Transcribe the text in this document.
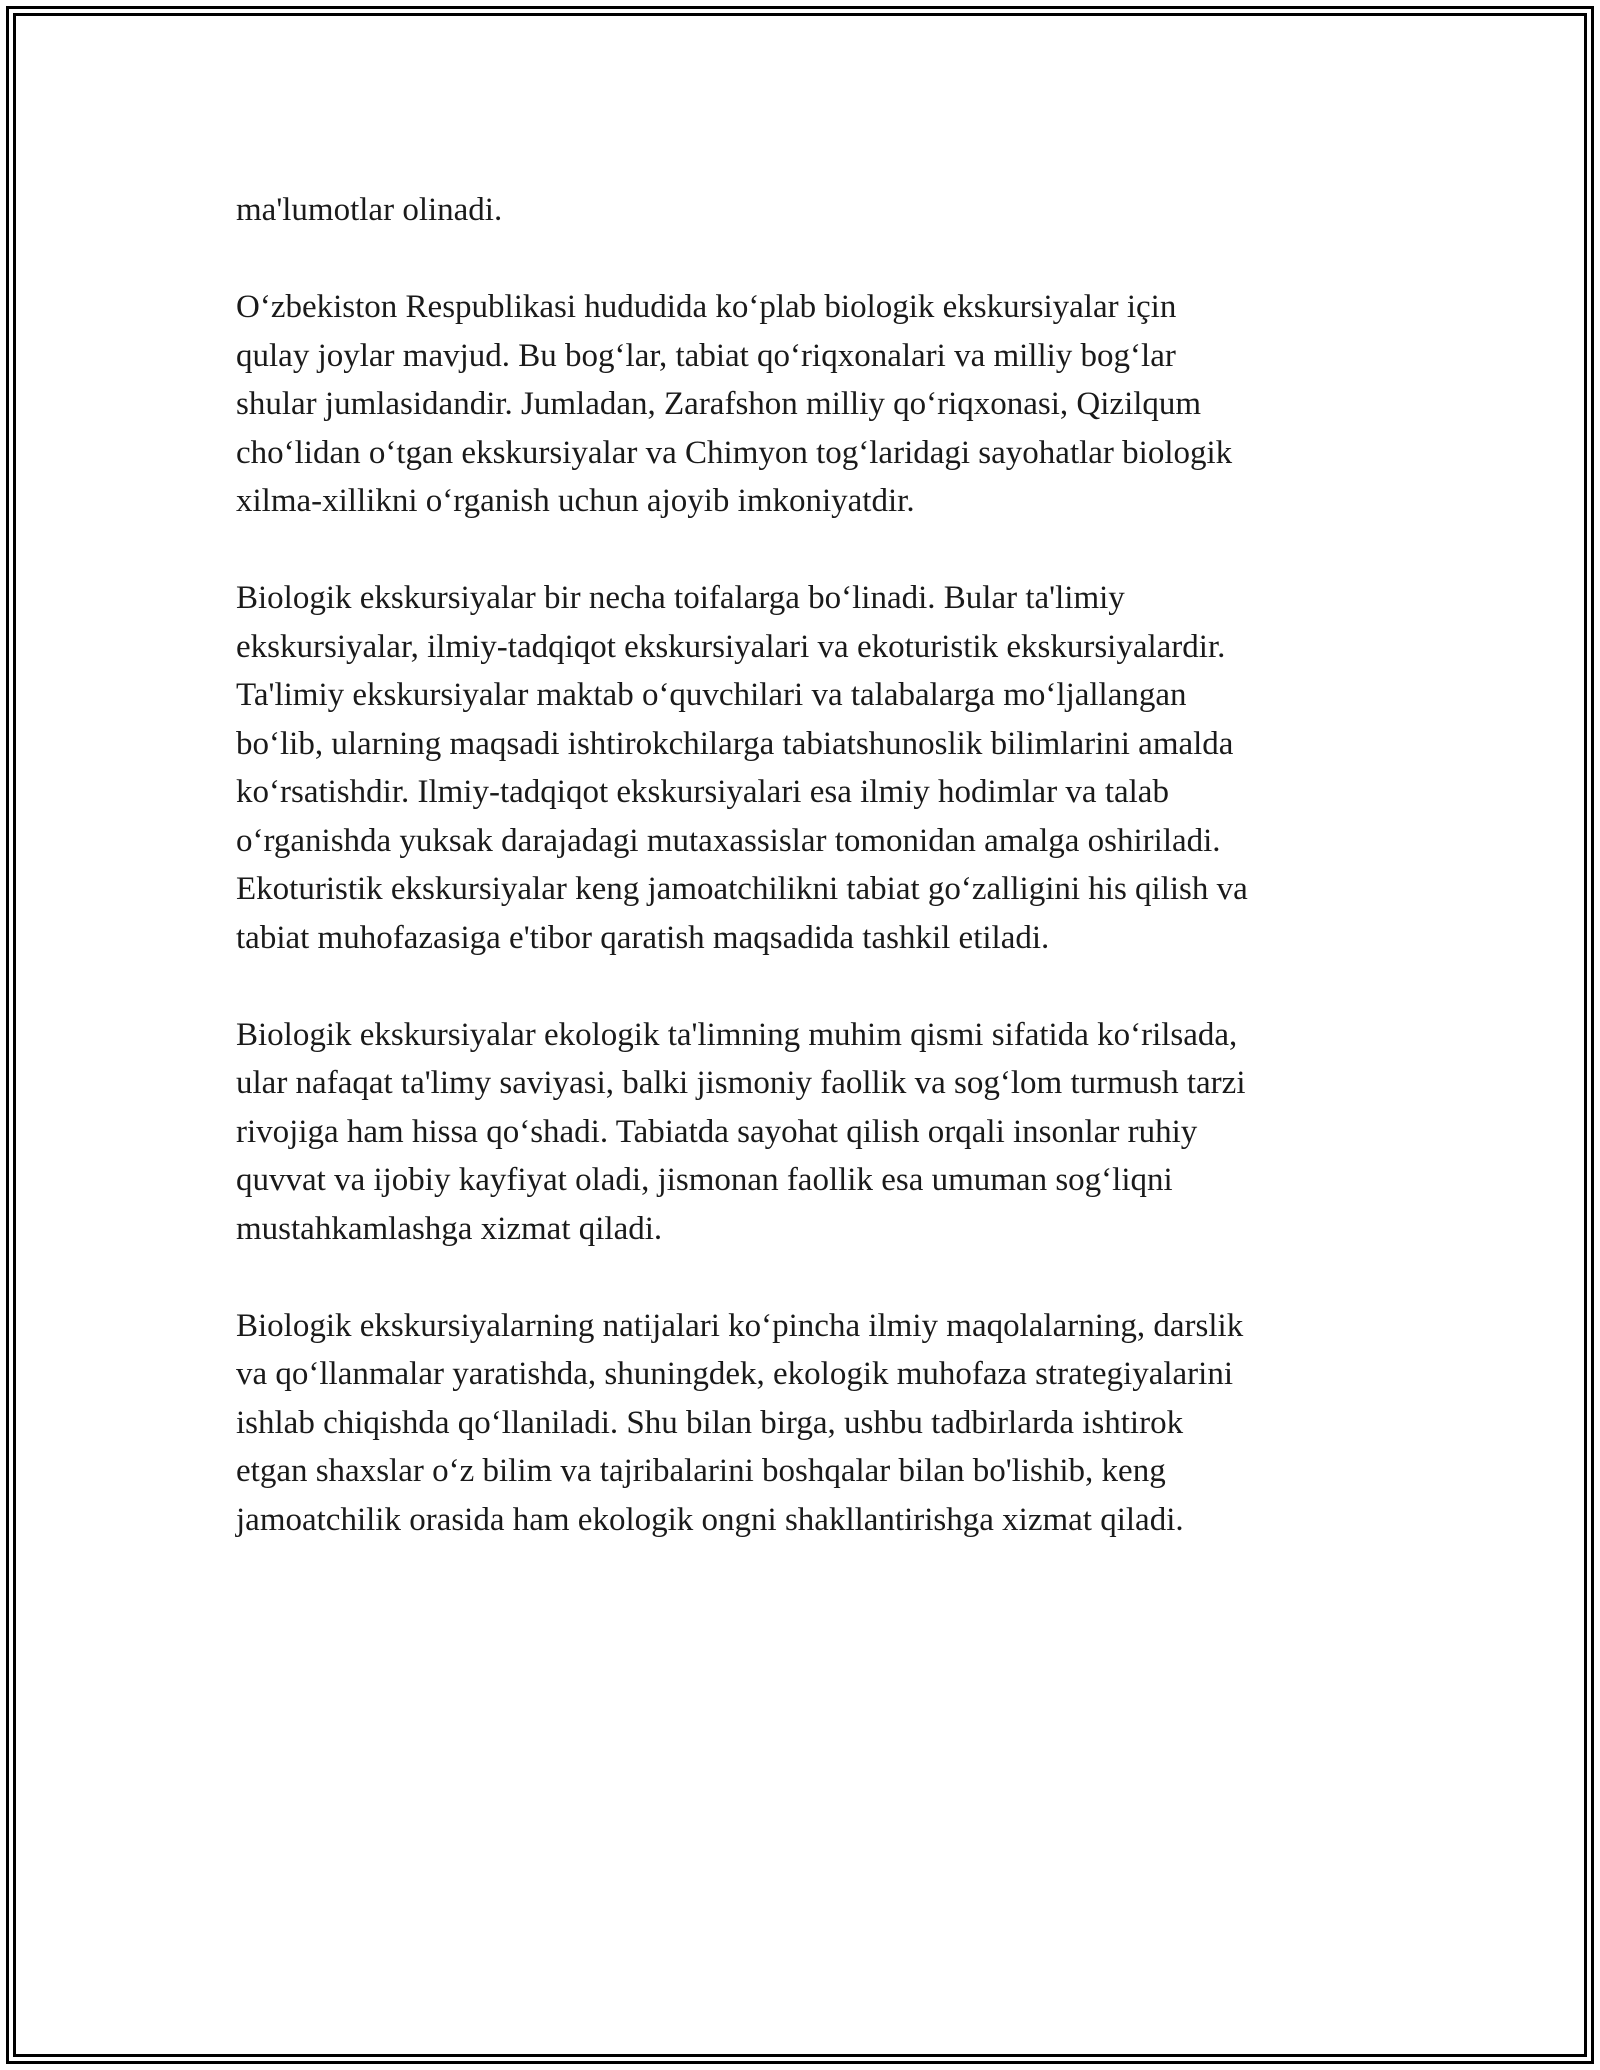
ma'lumotlar olinadi.

O‘zbekiston Respublikasi hududida ko‘plab biologik ekskursiyalar için
qulay joylar mavjud. Bu bog‘lar, tabiat qo‘riqxonalari va milliy bog‘lar
shular jumlasidandir. Jumladan, Zarafshon milliy qo‘riqxonasi, Qizilqum
cho‘lidan o‘tgan ekskursiyalar va Chimyon tog‘laridagi sayohatlar biologik
xilma-xillikni o‘rganish uchun ajoyib imkoniyatdir.

Biologik ekskursiyalar bir necha toifalarga bo‘linadi. Bular ta'limiy
ekskursiyalar, ilmiy-tadqiqot ekskursiyalari va ekoturistik ekskursiyalardir.
Ta'limiy ekskursiyalar maktab o‘quvchilari va talabalarga mo‘ljallangan
bo‘lib, ularning maqsadi ishtirokchilarga tabiatshunoslik bilimlarini amalda
ko‘rsatishdir. Ilmiy-tadqiqot ekskursiyalari esa ilmiy hodimlar va talab
o‘rganishda yuksak darajadagi mutaxassislar tomonidan amalga oshiriladi.
Ekoturistik ekskursiyalar keng jamoatchilikni tabiat go‘zalligini his qilish va
tabiat muhofazasiga e'tibor qaratish maqsadida tashkil etiladi.

Biologik ekskursiyalar ekologik ta'limning muhim qismi sifatida ko‘rilsada,
ular nafaqat ta'limy saviyasi, balki jismoniy faollik va sog‘lom turmush tarzi
rivojiga ham hissa qo‘shadi. Tabiatda sayohat qilish orqali insonlar ruhiy
quvvat va ijobiy kayfiyat oladi, jismonan faollik esa umuman sog‘liqni
mustahkamlashga xizmat qiladi.

Biologik ekskursiyalarning natijalari ko‘pincha ilmiy maqolalarning, darslik
va qo‘llanmalar yaratishda, shuningdek, ekologik muhofaza strategiyalarini
ishlab chiqishda qo‘llaniladi. Shu bilan birga, ushbu tadbirlarda ishtirok
etgan shaxslar o‘z bilim va tajribalarini boshqalar bilan bo'lishib, keng
jamoatchilik orasida ham ekologik ongni shakllantirishga xizmat qiladi.
